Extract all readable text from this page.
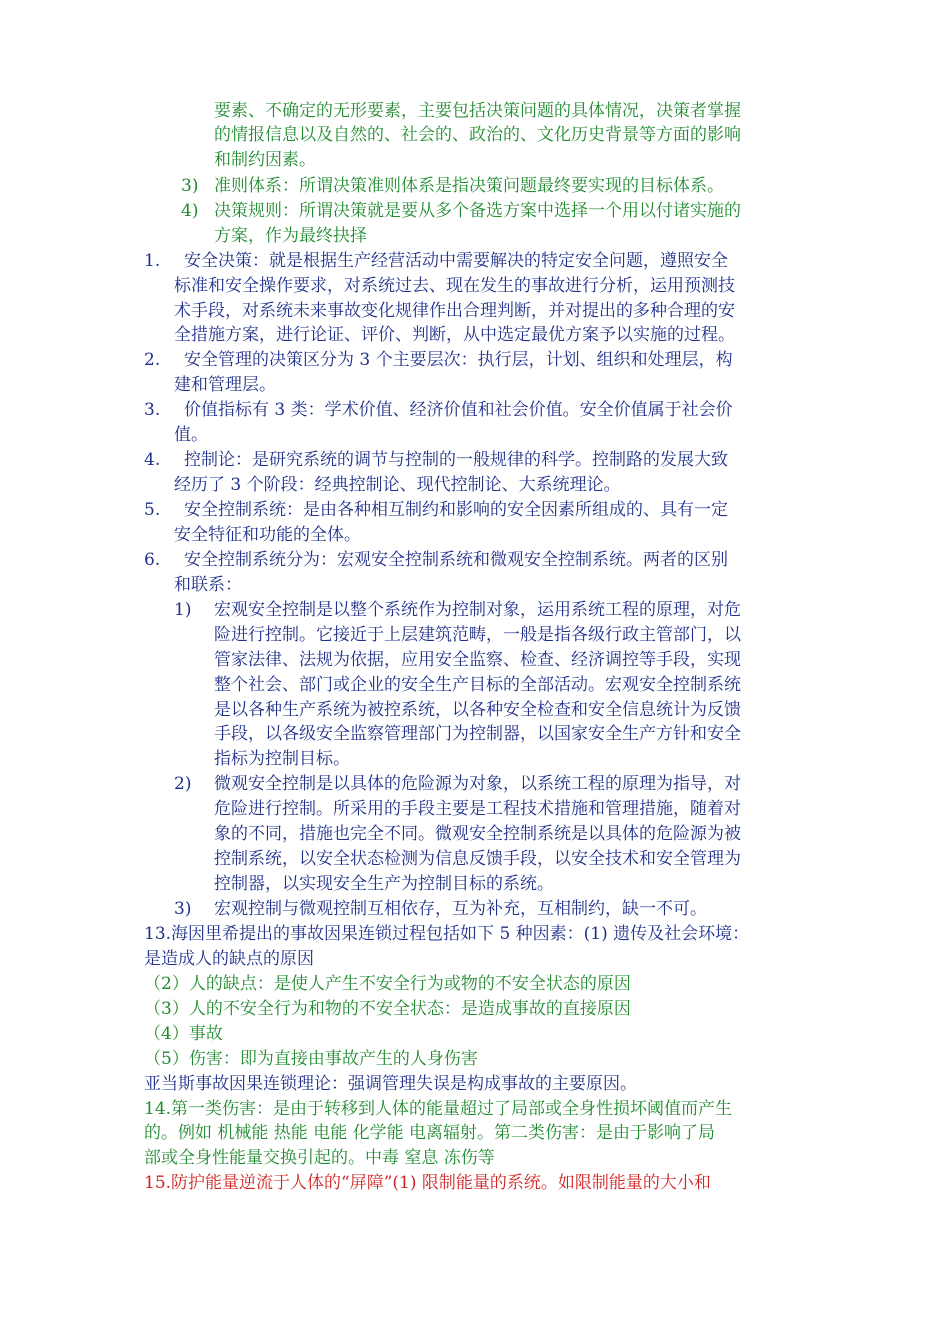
要素、不确定的无形要素，主要包括决策问题的具体情况，决策者掌握
的情报信息以及自然的、社会的、政治的、文化历史背景等方面的影响
和制约因素。
3) 准则体系：所谓决策准则体系是指决策问题最终要实现的目标体系。
4) 决策规则：所谓决策就是要从多个备选方案中选择一个用以付诸实施的
方案，作为最终抉择
1. 安全决策：就是根据生产经营活动中需要解决的特定安全问题，遵照安全
标准和安全操作要求，对系统过去、现在发生的事故进行分析，运用预测技
术手段，对系统未来事故变化规律作出合理判断，并对提出的多种合理的安
全措施方案，进行论证、评价、判断，从中选定最优方案予以实施的过程。
2. 安全管理的决策区分为 3 个主要层次：执行层，计划、组织和处理层，构
建和管理层。
3. 价值指标有 3 类：学术价值、经济价值和社会价值。安全价值属于社会价
值。
4. 控制论：是研究系统的调节与控制的一般规律的科学。控制路的发展大致
经历了 3 个阶段：经典控制论、现代控制论、大系统理论。
5. 安全控制系统：是由各种相互制约和影响的安全因素所组成的、具有一定
安全特征和功能的全体。
6. 安全控制系统分为：宏观安全控制系统和微观安全控制系统。两者的区别
和联系：
1) 宏观安全控制是以整个系统作为控制对象，运用系统工程的原理，对危
险进行控制。它接近于上层建筑范畴，一般是指各级行政主管部门，以
管家法律、法规为依据，应用安全监察、检查、经济调控等手段，实现
整个社会、部门或企业的安全生产目标的全部活动。宏观安全控制系统
是以各种生产系统为被控系统，以各种安全检查和安全信息统计为反馈
手段，以各级安全监察管理部门为控制器，以国家安全生产方针和安全
指标为控制目标。
2) 微观安全控制是以具体的危险源为对象，以系统工程的原理为指导，对
危险进行控制。所采用的手段主要是工程技术措施和管理措施，随着对
象的不同，措施也完全不同。微观安全控制系统是以具体的危险源为被
控制系统，以安全状态检测为信息反馈手段，以安全技术和安全管理为
控制器，以实现安全生产为控制目标的系统。
3) 宏观控制与微观控制互相依存，互为补充，互相制约，缺一不可。
13.海因里希提出的事故因果连锁过程包括如下 5 种因素：(1) 遗传及社会环境：
是造成人的缺点的原因
（2）人的缺点：是使人产生不安全行为或物的不安全状态的原因
（3）人的不安全行为和物的不安全状态：是造成事故的直接原因
（4）事故
（5）伤害：即为直接由事故产生的人身伤害
亚当斯事故因果连锁理论：强调管理失误是构成事故的主要原因。
14.第一类伤害：是由于转移到人体的能量超过了局部或全身性损坏阈值而产生
的。例如 机械能 热能 电能 化学能 电离辐射。第二类伤害：是由于影响了局
部或全身性能量交换引起的。中毒 窒息 冻伤等
15.防护能量逆流于人体的“屏障”(1) 限制能量的系统。如限制能量的大小和
